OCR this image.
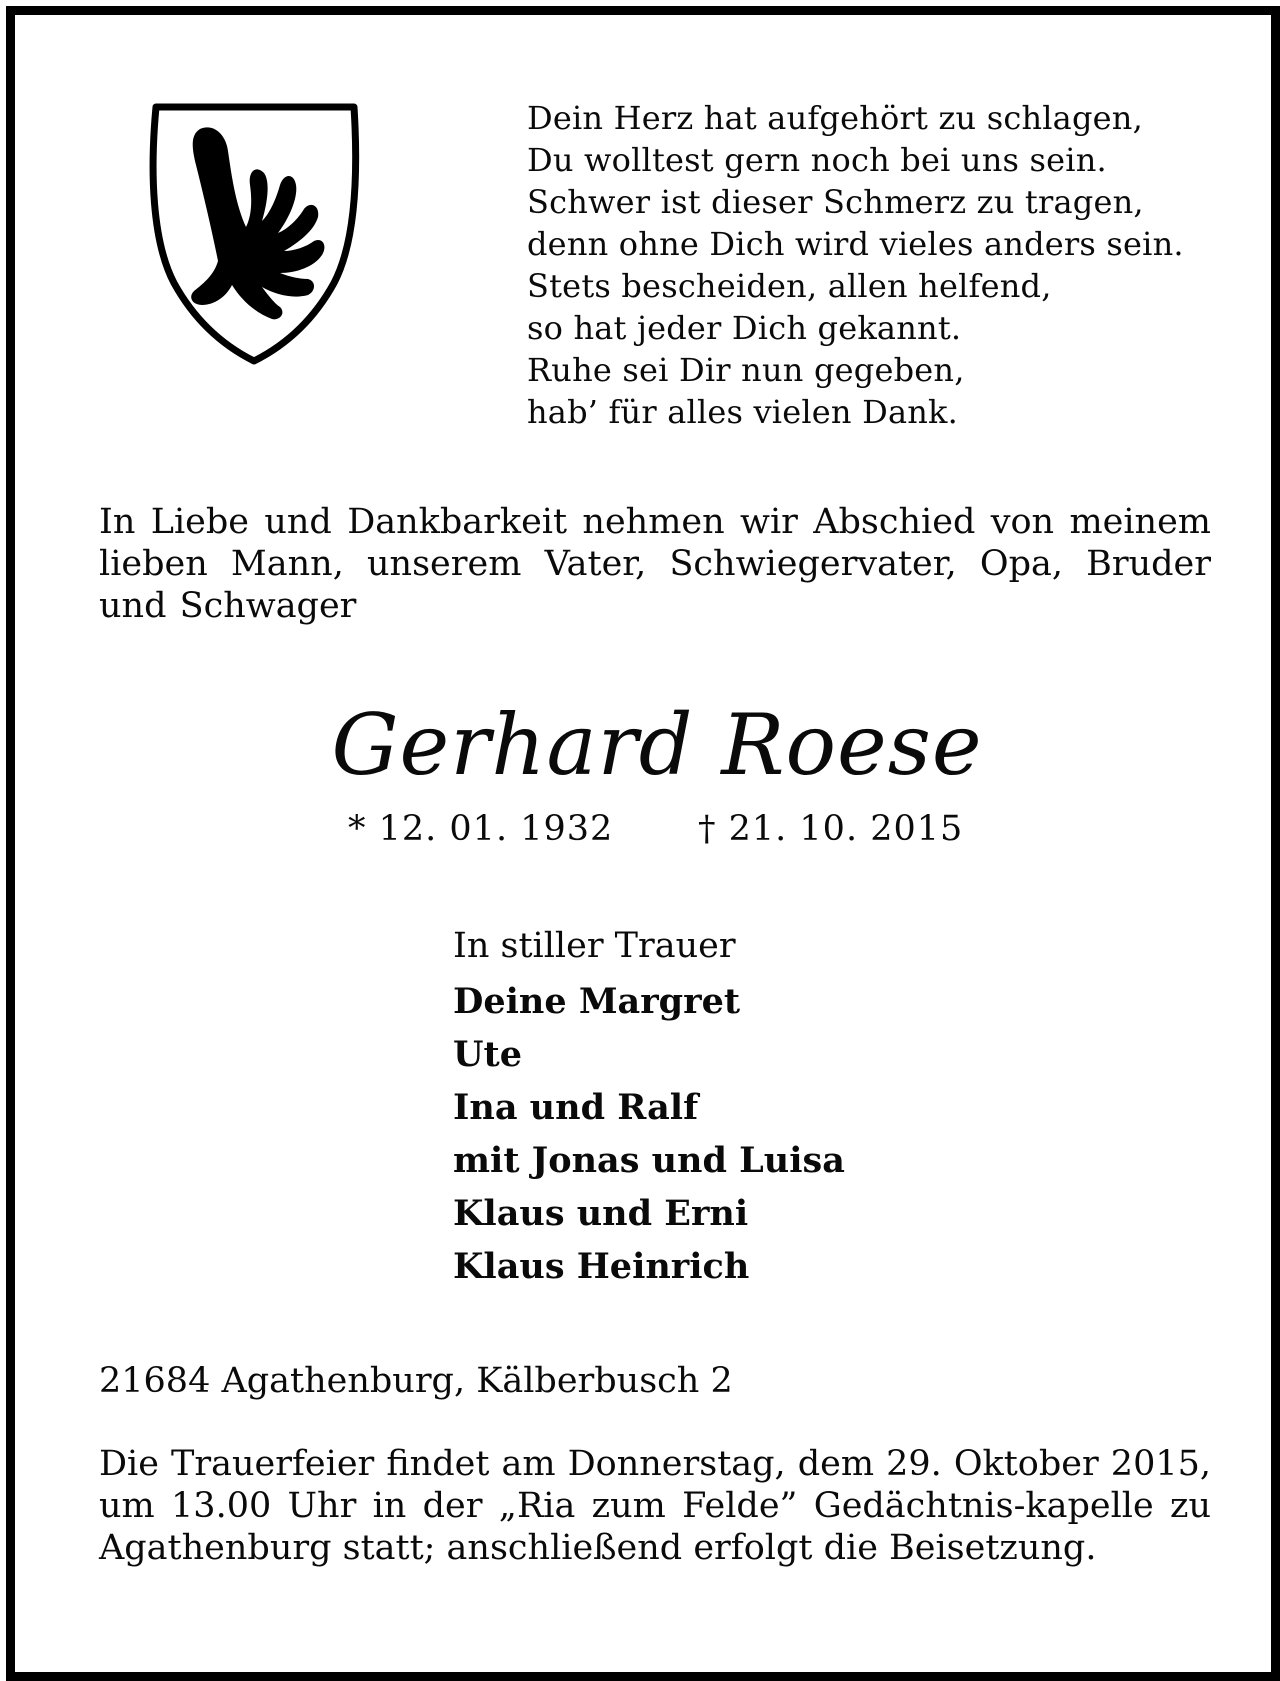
Dein Herz hat aufgehört zu schlagen,
Du wolltest gern noch bei uns sein.
Schwer ist dieser Schmerz zu tragen,
denn ohne Dich wird vieles anders sein.
Stets bescheiden, allen helfend,
so hat jeder Dich gekannt.
Ruhe sei Dir nun gegeben,
hab’ für alles vielen Dank.
In Liebe und Dankbarkeit nehmen wir Abschied von meinem lieben Mann, unserem Vater, Schwiegervater, Opa, Bruder und Schwager
Gerhard Roese
* 12. 01. 1932 † 21. 10. 2015
In stiller Trauer
Deine Margret
Ute
Ina und Ralf
mit Jonas und Luisa
Klaus und Erni
Klaus Heinrich
21684 Agathenburg, Kälberbusch 2
Die Trauerfeier findet am Donnerstag, dem 29. Oktober 2015, um 13.00 Uhr in der „Ria zum Felde” Gedächtnis-kapelle zu Agathenburg statt; anschließend erfolgt die Beisetzung.
